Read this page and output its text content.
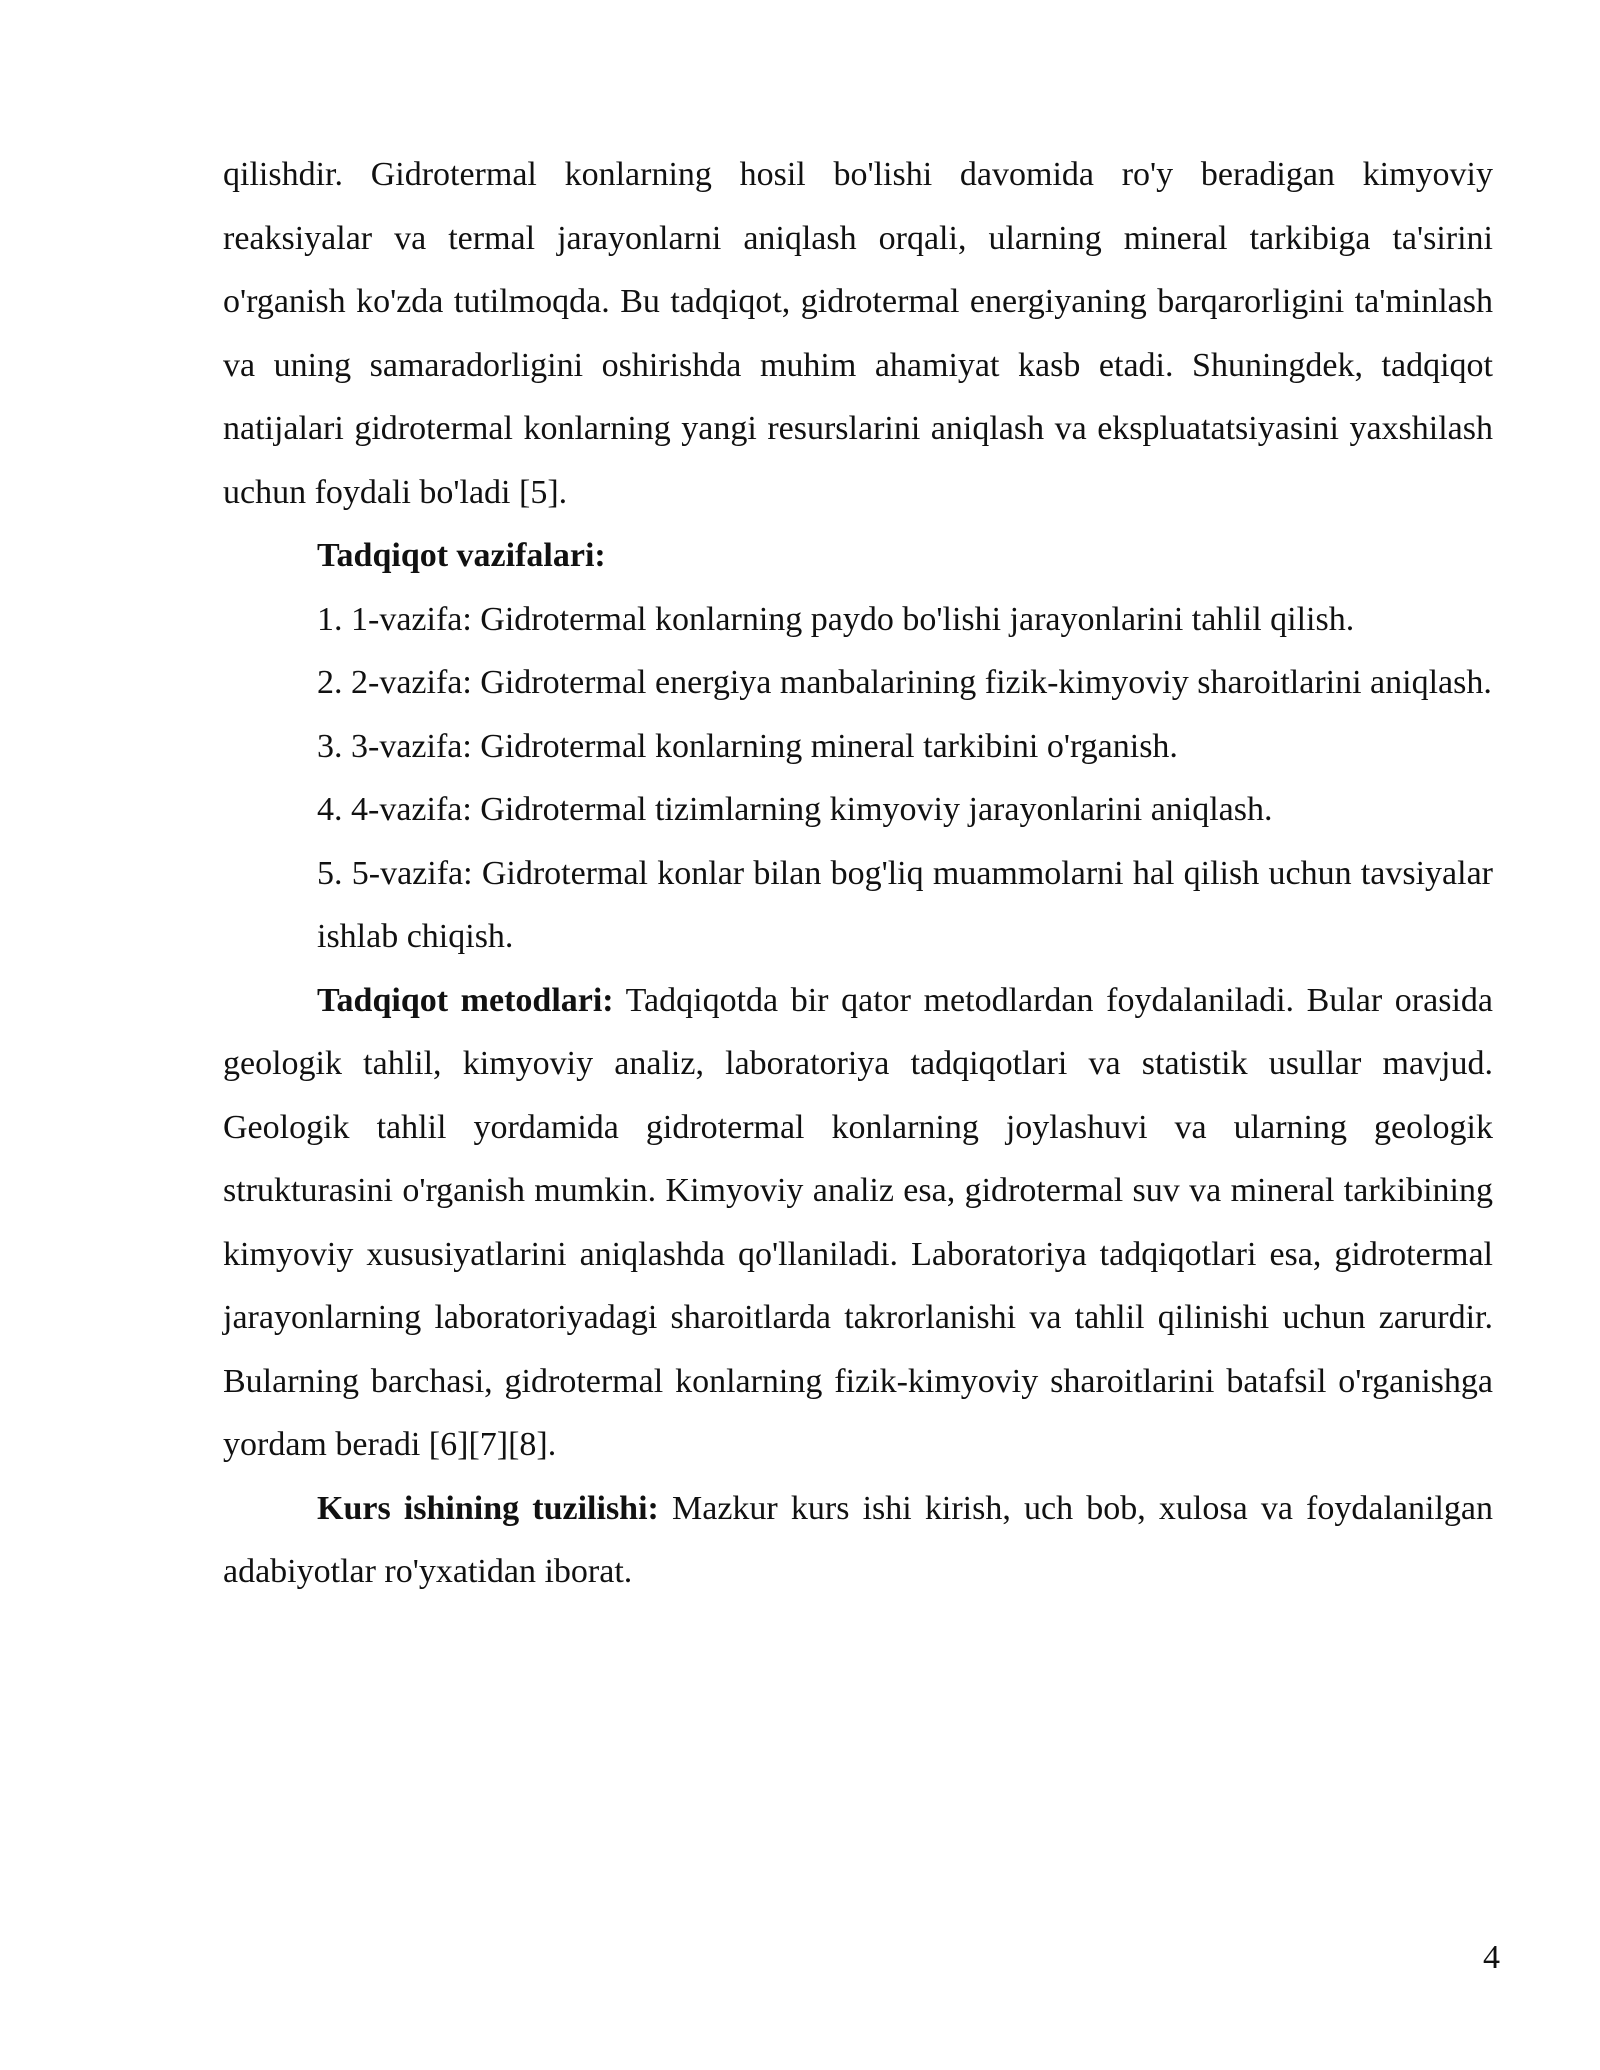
qilishdir. Gidrotermal konlarning hosil bo'lishi davomida ro'y beradigan kimyoviy reaksiyalar va termal jarayonlarni aniqlash orqali, ularning mineral tarkibiga ta'sirini o'rganish ko'zda tutilmoqda. Bu tadqiqot, gidrotermal energiyaning barqarorligini ta'minlash va uning samaradorligini oshirishda muhim ahamiyat kasb etadi. Shuningdek, tadqiqot natijalari gidrotermal konlarning yangi resurslarini aniqlash va ekspluatatsiyasini yaxshilash uchun foydali bo'ladi [5].

Tadqiqot vazifalari:

1. 1-vazifa: Gidrotermal konlarning paydo bo'lishi jarayonlarini tahlil qilish.
2. 2-vazifa: Gidrotermal energiya manbalarining fizik-kimyoviy sharoitlarini aniqlash.
3. 3-vazifa: Gidrotermal konlarning mineral tarkibini o'rganish.
4. 4-vazifa: Gidrotermal tizimlarning kimyoviy jarayonlarini aniqlash.
5. 5-vazifa: Gidrotermal konlar bilan bog'liq muammolarni hal qilish uchun tavsiyalar ishlab chiqish.

Tadqiqot metodlari: Tadqiqotda bir qator metodlardan foydalaniladi. Bular orasida geologik tahlil, kimyoviy analiz, laboratoriya tadqiqotlari va statistik usullar mavjud. Geologik tahlil yordamida gidrotermal konlarning joylashuvi va ularning geologik strukturasini o'rganish mumkin. Kimyoviy analiz esa, gidrotermal suv va mineral tarkibining kimyoviy xususiyatlarini aniqlashda qo'llaniladi. Laboratoriya tadqiqotlari esa, gidrotermal jarayonlarning laboratoriyadagi sharoitlarda takrorlanishi va tahlil qilinishi uchun zarurdir. Bularning barchasi, gidrotermal konlarning fizik-kimyoviy sharoitlarini batafsil o'rganishga yordam beradi [6][7][8].

Kurs ishining tuzilishi: Mazkur kurs ishi kirish, uch bob, xulosa va foydalanilgan adabiyotlar ro'yxatidan iborat.

4
